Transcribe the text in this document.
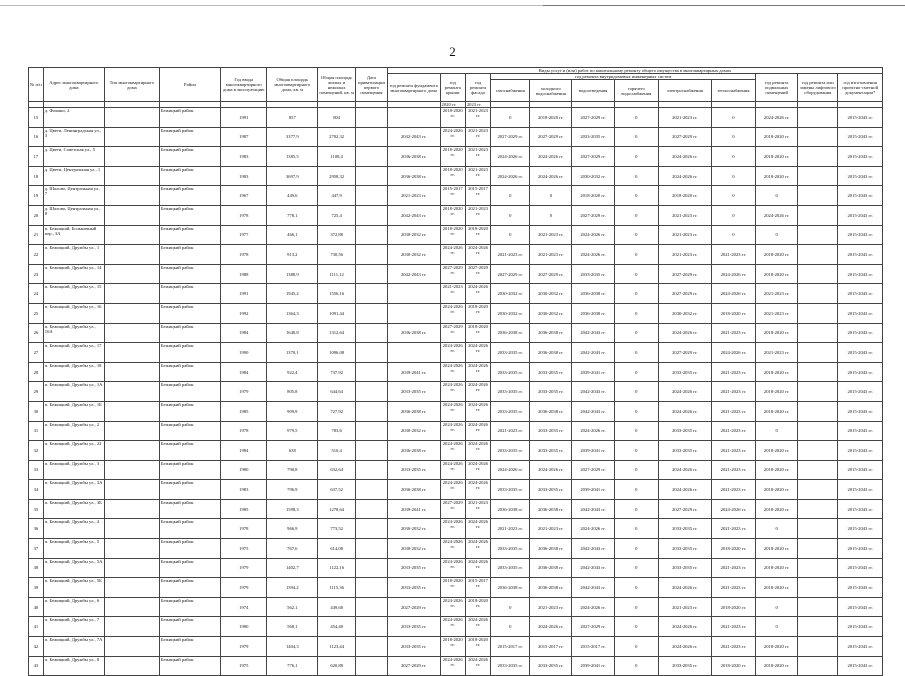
2
№ п/п	Адрес многоквартирного дома	Тип многоквартирного дома	Район	Год ввода многоквартирного дома в эксплуатацию	Общая площадь многоквартирного дома, кв. м	Общая площадь жилых и нежилых помещений, кв. м	Дата приватизации первого помещения	Виды услуг и (или) работ по капитальному ремонту общего имущества в многоквартирных домах											
								год ремонта фундамента многоквартирного дома	год ремонта крыши	год ремонта фасада	год ремонта внутридомовых инженерных систем						год ремонта подвальных помещений	год ремонта или замены лифтового оборудования	год изготовления проектно-сметной документации*
											газоснабжения	холодного водоснабжения	водоотведения	горячего водоснабжения	электроснабжения	теплоснабжения			
									2020 гг.	2023 гг.									
15	д. Фокино, 2		Бежицкий район	1991	857	804			2018-2020 гг.	2021-2023 гг.	0	2018-2020 гг.	2027-2029 гг.	0	2021-2023 гг.	0	2024-2026 гг.		2015-2043 гг.
16	д. Цвети, Ленинградская ул., 3		Бежицкий район	1987	3377,9	2702,32		2042-2043 гг.	2024-2026 гг.	2021-2023 гг.	2027-2029 гг.	2027-2029 гг.	2033-2035 гг.	0	2027-2029 гг.	0	2018-2020 гг.		2015-2043 гг.
17	д. Цвети, Советская ул., 5		Бежицкий район	1983	1385,5	1108,4		2036-2038 гг.	2018-2020 гг.	2021-2023 гг.	2024-2026 гг.	2024-2026 гг.	2027-2029 гг.	0	2024-2026 гг.	0	2018-2020 гг.		2015-2043 гг.
18	д. Цвети, Центральная ул., 1		Бежицкий район	1983	3697,9	2958,32		2036-2038 гг.	2018-2020 гг.	2021-2023 гг.	2024-2026 гг.	2024-2026 гг.	2030-2032 гг.	0	2024-2026 гг.	0	2018-2020 гг.		2015-2043 гг.
19	д. Шалово, Центральная ул., 7		Бежицкий район	1967	449,6	447,9		2021-2023 гг.	2015-2017 гг.	2015-2017 гг.	0	0	2018-2020 гг.	0	2018-2020 гг.	0	0		2015-2043 гг.
20	д. Шалово, Центральная ул., 8		Бежицкий район	1978	778,1	725,4		2042-2043 гг.	2018-2020 гг.	2021-2023 гг.	0	0	2027-2029 гг.	0	2021-2023 гг.	0	2024-2026 гг.		2015-2043 гг.
21	п. Бежицкий, Больничный пер., 3А		Бежицкий район	1977	466,1	372,88		2030-2032 гг.	2018-2020 гг.	2018-2020 гг.	0	2021-2023 гг.	2024-2026 гг.	0	2021-2023 гг.	0	0		2015-2043 гг.
22	п. Бежицкий, Дружбы ул., 1		Бежицкий район	1978	913,2	730,56		2030-2032 гг.	2024-2026 гг.	2024-2026 гг.	2021-2023 гг.	2021-2023 гг.	2024-2026 гг.	0	2021-2023 гг.	2021-2023 гг.	2018-2020 гг.		2015-2043 гг.
23	п. Бежицкий, Дружбы ул., 14		Бежицкий район	1988	1388,9	1111,12		2042-2043 гг.	2027-2029 гг.	2027-2029 гг.	2027-2029 гг.	2027-2029 гг.	2033-2035 гг.	0	2027-2029 гг.	2024-2026 гг.	2018-2020 гг.		2015-2043 гг.
24	п. Бежицкий, Дружбы ул., 15		Бежицкий район	1991	1945,2	1556,16			2021-2023 гг.	2024-2026 гг.	2030-2032 гг.	2030-2032 гг.	2036-2038 гг.	0	2027-2029 гг.	2024-2026 гг.	2021-2023 гг.		2015-2043 гг.
25	п. Бежицкий, Дружбы ул., 16		Бежицкий район	1992	1364,3	1091,44			2024-2026 гг.	2018-2020 гг.	2030-2032 гг.	2030-2032 гг.	2036-2038 гг.	0	2030-2032 гг.	2018-2020 гг.	2021-2023 гг.		2015-2043 гг.
26	п. Бежицкий, Дружбы ул., 16А		Бежицкий район	1984	1640,8	1312,64		2036-2038 гг.	2027-2029 гг.	2018-2020 гг.	2036-2038 гг.	2036-2038 гг.	2042-2043 гг.	0	2024-2026 гг.	2021-2023 гг.	2018-2020 гг.		2015-2043 гг.
27	п. Бежицкий, Дружбы ул., 17		Бежицкий район	1990	1370,1	1096,08			2024-2026 гг.	2024-2026 гг.	2033-2035 гг.	2036-2038 гг.	2042-2043 гг.	0	2027-2029 гг.	2024-2026 гг.	2021-2023 гг.		2015-2043 гг.
28	п. Бежицкий, Дружбы ул., 18		Бежицкий район	1984	922,4	737,92		2039-2041 гг.	2024-2026 гг.	2024-2026 гг.	2033-2035 гг.	2033-2035 гг.	2039-2041 гг.	0	2033-2035 гг.	2021-2023 гг.	2018-2020 гг.		2015-2043 гг.
29	п. Бежицкий, Дружбы ул., 1А		Бежицкий район	1979	805,8	644,64		2033-2035 гг.	2024-2026 гг.	2024-2026 гг.	2033-2035 гг.	2033-2035 гг.	2042-2043 гг.	0	2024-2026 гг.	2021-2023 гг.	2018-2020 гг.		2015-2043 гг.
30	п. Бежицкий, Дружбы ул., 1Б		Бежицкий район	1985	909,9	727,92		2036-2038 гг.	2024-2026 гг.	2024-2026 гг.	2033-2035 гг.	2036-2038 гг.	2042-2043 гг.	0	2024-2026 гг.	2021-2023 гг.	2018-2020 гг.		2015-2043 гг.
31	п. Бежицкий, Дружбы ул., 2		Бежицкий район	1978	979,5	783,6		2030-2032 гг.	2024-2026 гг.	2024-2026 гг.	2021-2023 гг.	2033-2035 гг.	2024-2026 гг.	0	2033-2035 гг.	2021-2023 гг.	0		2015-2043 гг.
32	п. Бежицкий, Дружбы ул., 22		Бежицкий район	1984	638	510,4		2036-2038 гг.	2024-2026 гг.	2024-2026 гг.	2033-2035 гг.	2033-2035 гг.	2039-2041 гг.	0	2033-2035 гг.	2021-2023 гг.	2018-2020 гг.		2015-2043 гг.
33	п. Бежицкий, Дружбы ул., 3		Бежицкий район	1980	790,8	632,64		2033-2035 гг.	2024-2026 гг.	2024-2026 гг.	2024-2026 гг.	2024-2026 гг.	2027-2029 гг.	0	2024-2026 гг.	2021-2023 гг.	2018-2020 гг.		2015-2043 гг.
34	п. Бежицкий, Дружбы ул., 3А		Бежицкий район	1983	796,9	637,52		2036-2038 гг.	2024-2026 гг.	2024-2026 гг.	2033-2035 гг.	2033-2035 гг.	2039-2041 гг.	0	2024-2026 гг.	2021-2023 гг.	2018-2020 гг.		2015-2043 гг.
35	п. Бежицкий, Дружбы ул., 3Б		Бежицкий район	1985	1598,3	1278,64		2039-2041 гг.	2027-2029 гг.	2021-2023 гг.	2036-2038 гг.	2036-2038 гг.	2042-2043 гг.	0	2027-2029 гг.	2024-2026 гг.	2018-2020 гг.		2015-2043 гг.
36	п. Бежицкий, Дружбы ул., 4		Бежицкий район	1978	966,9	773,52		2030-2032 гг.	2024-2026 гг.	2024-2026 гг.	2021-2023 гг.	2021-2023 гг.	2024-2026 гг.	0	2033-2035 гг.	2021-2023 гг.	0		2015-2043 гг.
37	п. Бежицкий, Дружбы ул., 5		Бежицкий район	1975	767,6	614,08		2030-2032 гг.	2024-2026 гг.	2024-2026 гг.	2033-2035 гг.	2036-2038 гг.	2042-2043 гг.	0	2033-2035 гг.	2018-2020 гг.	2018-2020 гг.		2015-2043 гг.
38	п. Бежицкий, Дружбы ул., 5А		Бежицкий район	1979	1402,7	1122,16		2033-2035 гг.	2024-2026 гг.	2024-2026 гг.	2033-2035 гг.	2036-2038 гг.	2042-2043 гг.	0	2033-2035 гг.	2021-2023 гг.	2018-2020 гг.		2015-2043 гг.
39	п. Бежицкий, Дружбы ул., 5Б		Бежицкий район	1979	1394,2	1115,36		2033-2035 гг.	2018-2020 гг.	2015-2017 гг.	2036-2038 гг.	2036-2038 гг.	2042-2043 гг.	0	2024-2026 гг.	2021-2023 гг.	2018-2020 гг.		2015-2043 гг.
40	п. Бежицкий, Дружбы ул., 6		Бежицкий район	1974	562,1	449,68		2027-2029 гг.	2024-2026 гг.	2018-2020 гг.	0	2021-2023 гг.	2024-2026 гг.	0	2021-2023 гг.	2018-2020 гг.	0		2015-2043 гг.
41	п. Бежицкий, Дружбы ул., 7		Бежицкий район	1980	568,1	454,48		2033-2035 гг.	2024-2026 гг.	2024-2026 гг.	0	2024-2026 гг.	2027-2029 гг.	0	2024-2026 гг.	2021-2023 гг.	0		2015-2043 гг.
42	п. Бежицкий, Дружбы ул., 7А		Бежицкий район	1979	1404,3	1123,44		2033-2035 гг.	2018-2020 гг.	2018-2020 гг.	2015-2017 гг.	2015-2017 гг.	2015-2017 гг.	0	2024-2026 гг.	2021-2023 гг.	2018-2020 гг.		2015-2043 гг.
43	п. Бежицкий, Дружбы ул., 8		Бежицкий район	1975	776,1	620,88		2027-2029 гг.	2024-2026 гг.	2024-2026 гг.	2033-2035 гг.	2033-2035 гг.	2039-2041 гг.	0	2033-2035 гг.	2018-2020 гг.	2018-2020 гг.		2015-2043 гг.
